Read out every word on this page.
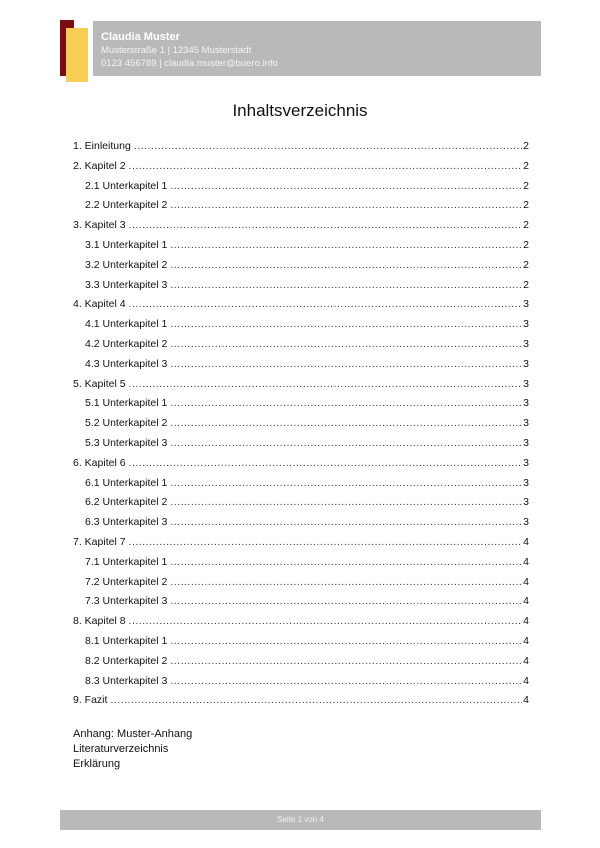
Claudia Muster
Musterstraße 1 | 12345 Musterstadt
0123 456789 | claudia.muster@buero.info
Inhaltsverzeichnis
1. Einleitung .....	2
2. Kapitel 2 .....	2
2.1 Unterkapitel 1 .....	2
2.2 Unterkapitel 2 .....	2
3. Kapitel 3 .....	2
3.1 Unterkapitel 1 .....	2
3.2 Unterkapitel 2 .....	2
3.3 Unterkapitel 3 .....	2
4. Kapitel 4 .....	3
4.1 Unterkapitel 1 .....	3
4.2 Unterkapitel 2 .....	3
4.3 Unterkapitel 3 .....	3
5. Kapitel 5 .....	3
5.1 Unterkapitel 1 .....	3
5.2 Unterkapitel 2 .....	3
5.3 Unterkapitel 3 .....	3
6. Kapitel 6 .....	3
6.1 Unterkapitel 1 .....	3
6.2 Unterkapitel 2 .....	3
6.3 Unterkapitel 3 .....	3
7. Kapitel 7 .....	4
7.1 Unterkapitel 1 .....	4
7.2 Unterkapitel 2 .....	4
7.3 Unterkapitel 3 .....	4
8. Kapitel 8 .....	4
8.1 Unterkapitel 1 .....	4
8.2 Unterkapitel 2 .....	4
8.3 Unterkapitel 3 .....	4
9. Fazit .....	4
Anhang: Muster-Anhang
Literaturverzeichnis
Erklärung
Seite 1 von 4
